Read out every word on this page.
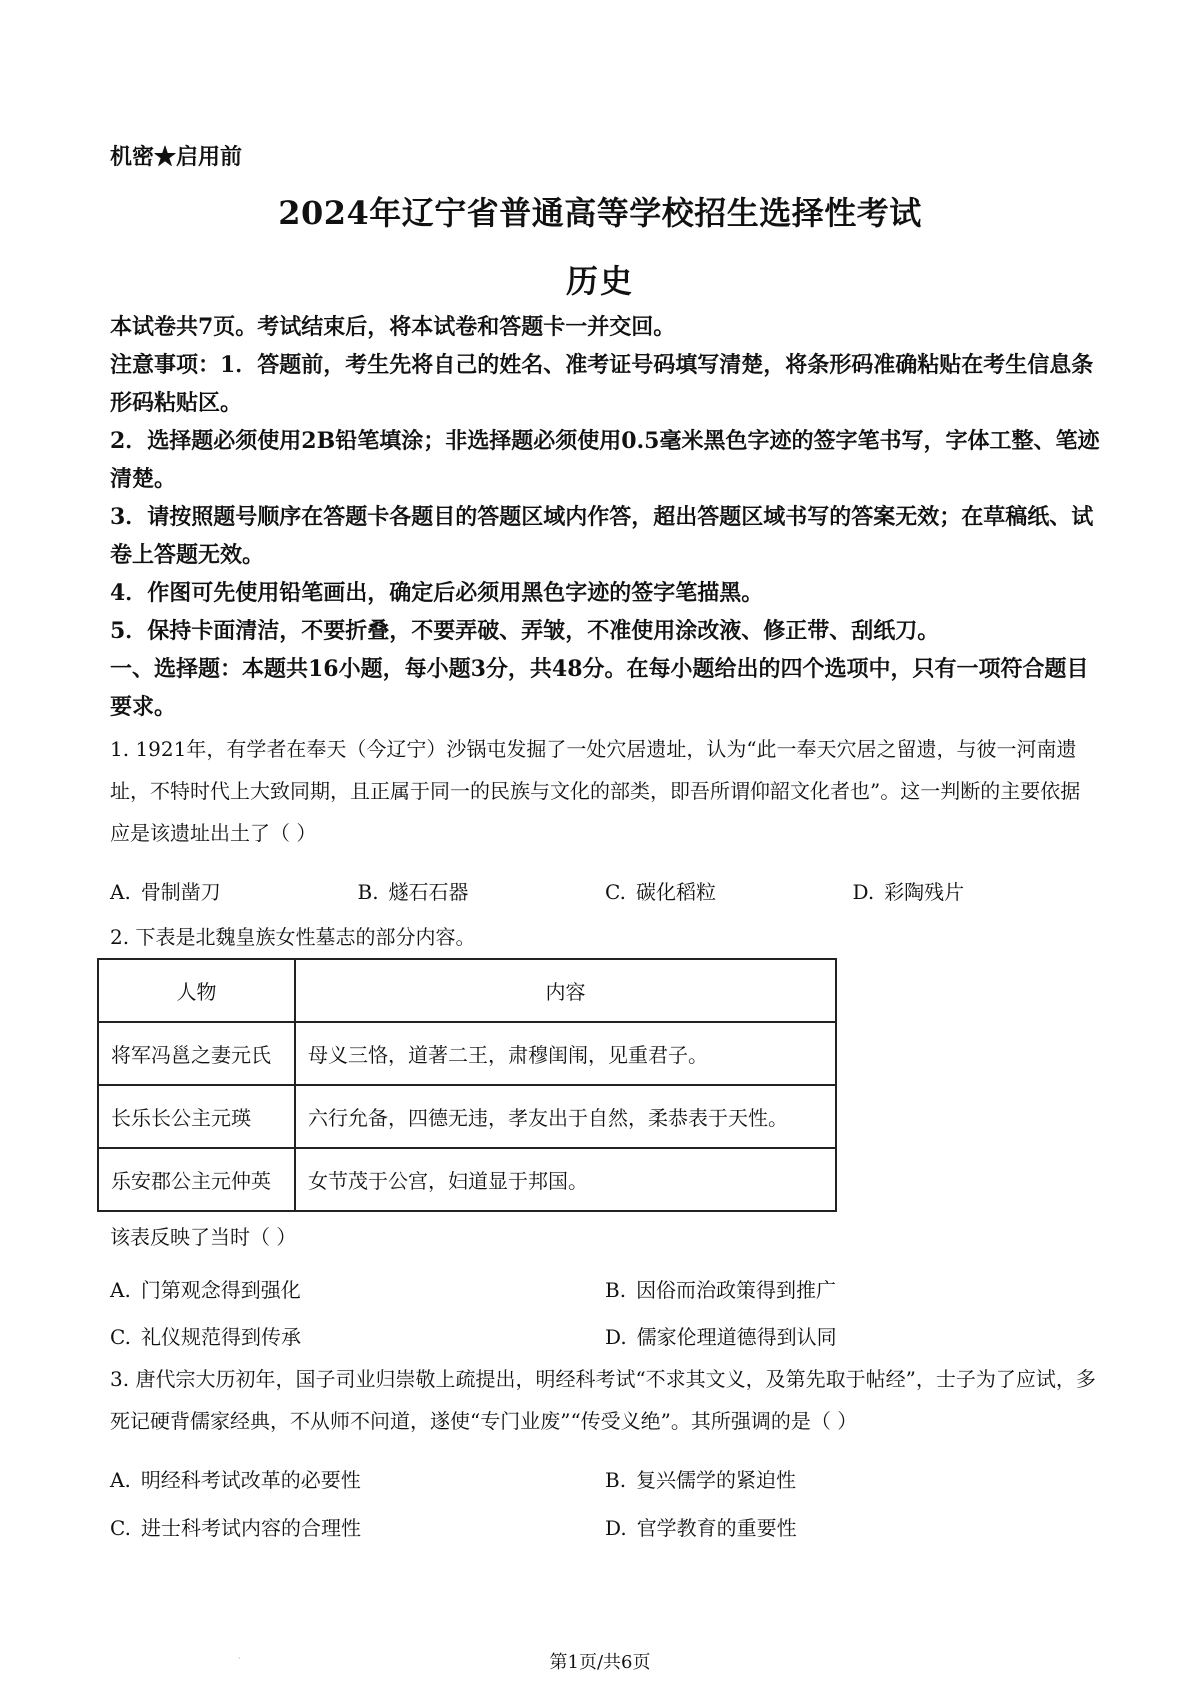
机密★启用前
2024年辽宁省普通高等学校招生选择性考试
历史

本试卷共7页。考试结束后，将本试卷和答题卡一并交回。

注意事项：1．答题前，考生先将自己的姓名、准考证号码填写清楚，将条形码准确粘贴在考生信息条形码粘贴区。

2．选择题必须使用2B铅笔填涂；非选择题必须使用0.5毫米黑色字迹的签字笔书写，字体工整、笔迹清楚。

3．请按照题号顺序在答题卡各题目的答题区域内作答，超出答题区域书写的答案无效；在草稿纸、试卷上答题无效。

4．作图可先使用铅笔画出，确定后必须用黑色字迹的签字笔描黑。

5．保持卡面清洁，不要折叠，不要弄破、弄皱，不准使用涂改液、修正带、刮纸刀。

一、选择题：本题共16小题，每小题3分，共48分。在每小题给出的四个选项中，只有一项符合题目要求。

1. 1921年，有学者在奉天（今辽宁）沙锅屯发掘了一处穴居遗址，认为“此一奉天穴居之留遗，与彼一河南遗址，不特时代上大致同期，且正属于同一的民族与文化的部类，即吾所谓仰韶文化者也”。这一判断的主要依据应是该遗址出土了（ ）

A. 骨制凿刀	B. 燧石石器	C. 碳化稻粒	D. 彩陶残片

2. 下表是北魏皇族女性墓志的部分内容。

人物	内容
将军冯邕之妻元氏	母义三恪，道著二王，肃穆闺闱，见重君子。
长乐长公主元瑛	六行允备，四德无违，孝友出于自然，柔恭表于天性。
乐安郡公主元仲英	女节茂于公宫，妇道显于邦国。

该表反映了当时（ ）

A. 门第观念得到强化	B. 因俗而治政策得到推广
C. 礼仪规范得到传承	D. 儒家伦理道德得到认同

3. 唐代宗大历初年，国子司业归崇敬上疏提出，明经科考试“不求其文义，及第先取于帖经”，士子为了应试，多死记硬背儒家经典，不从师不问道，遂使“专门业废”“传受义绝”。其所强调的是（ ）

A. 明经科考试改革的必要性	B. 复兴儒学的紧迫性
C. 进士科考试内容的合理性	D. 官学教育的重要性
·	第1页/共6页
